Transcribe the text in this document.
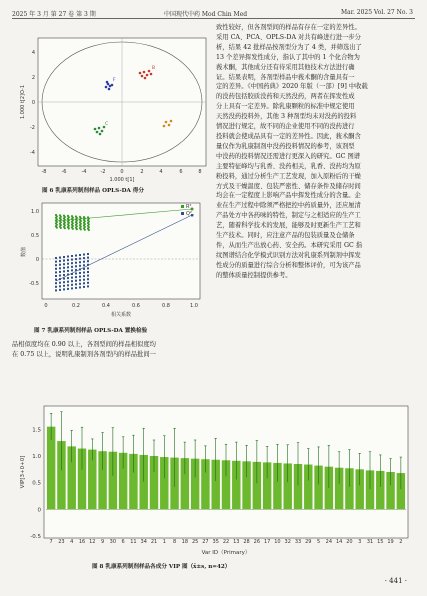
2025 年 3 月 第 27 卷 第 3 期	中国现代中药 Mod Chin Med	Mar. 2025 Vol. 27 No. 3
F
B
C
-8	-6	-4	-2	0	2	4	6	8
4
2
0
-2
-4
1.000 t[1]
1.000 t[2]O-1
图 6 乳康系列制剂样品 OPLS-DA 得分
R²
Q²
0	0.2	0.4	0.6	0.8	1.0
1.0
0.5
0
-0.5
相关系数
数值
图 7 乳康系列制剂样品 OPLS-DA 置换检验

品相似度均在 0.90 以上，各剂型间的样品相似度均

在 0.75 以上，说明乳康制剂各剂型内的样品批间一

致性较好，但各剂型间的样品有存在一定的差异性。

采用 CA、PCA、OPLS-DA 对共有峰进行进一步分

析，结果 42 批样品按剂型分为了 4 类，并筛选出了

13 个差异挥发性成分，指认了其中的 1 个化合物为

莪术酮，其他成分还有待采用其他技术方法进行确

证。结果表明，各剂型样品中莪术酮的含量具有一

定的差异。《中国药典》2020 年版（一部）[9] 中收载

的没药包括胶质没药和天然没药，两者在挥发性成

分上具有一定差异。除乳康颗粒的标准中规定使用

天然没药投料外，其他 3 种剂型均未对没药的投料

情况进行规定，故不同的企业使用不同的没药进行

投料就会使成品具有一定的差异性。因此，莪术酮含

量仅作为乳康制剂中没药投料情况的参考，该剂型

中没药的投料情况还需进行更深入的研究。GC 图谱

主要特征峰均与乳香、没药相关，乳香、没药均为原

粉投料，通过分析生产工艺发现，加入原粉后的干燥

方式及干燥温度、包装严密性、储存条件及储存时间

均会在一定程度上影响产品中挥发性成分的含量。企

业在生产过程中除须严格把控中药质量外，还应厘清

产品处方中各药味的特性，制定与之相适应的生产工

艺，随着科学技术的发展，能够及时更新生产工艺和

生产技术。同时，应注意产品的包装质量及仓储条

件，从而生产出放心药、安全药。本研究采用 GC 指

纹图谱结合化学模式识别方法对乳康系列制剂中挥发

性成分的质量进行综合分析和整体评价，可为该产品

的整体质量控制提供参考。

1.5
1.0
0.5
0
-0.5
7 23 4 16 12 9 30 6 11 34 21 1 8 18 25 27 35 22 13 28 26 17 10 32 33 29 5 24 14 20 3 31 15 19 2
VIP[3+0+0]
Var ID（Primary）
图 8 乳康系列制剂样品各成分 VIP 图（x̄±s, n=42）
· 441 ·
